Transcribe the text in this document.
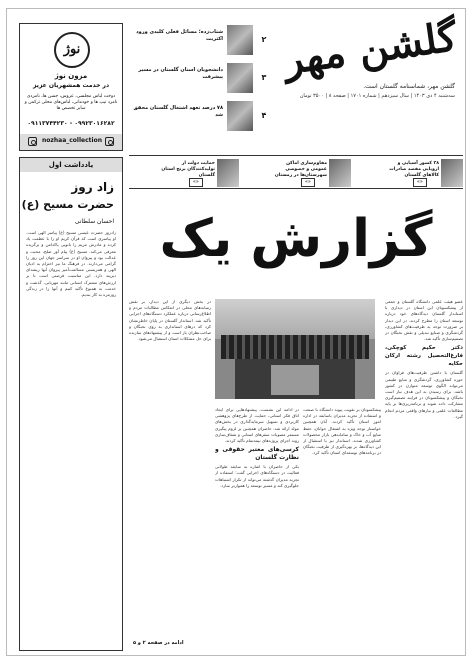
گلشن مهر
گلشن مهر، شماسنامه گلستان است.
سه‌شنبه ۴ دی ۱۴۰۳ | سال سیزدهم | شماره ۱۷۰۱ | صفحه ۸ | ۳۵۰۰ تومان
۲
شتاب‌زده؛ مسائل فعلی کلیدی ورود اکثریت
۳
دانشجویان استان گلستان در مسیر پیشرفت
۴
۷۸ درصد تعهد اشتغال گلستان محقق شد
نوژ
مزون نوژ
در خدمت همشهریان عزیز
دوخت لباس مجلسی، عروس، جشن ها، نامزدی نامزد تیپ ها و خودمانی، لباس‌های محلی ترکمن و سایر تخصص ها
۰۹۱۱۳۷۴۴۲۳۰ - ۰۹۹۲۳۰۱۶۲۸۲
nozhaa_collection
۲۸ کشور آسیایی و اروپایی مقصد صادرات کالاهای گلستان
«»
مقاوم‌سازی اماکن عمومی و خصوصی شهرستان‌ها در زمستان
«»
حمایت دولت از تولیدکنندگان برنج استان گلستان
«»
یادداشت اول
زاد روز
حضرت مسیح (ع)
احسان سلطانی
زادروز حضرت عیسی مسیح (ع) پیامبر الهی است. او پیامبری است که قرآن کریم او را با عظمت یاد کرده و مادرش مریم را بانویی پاکدامن و برگزیده معرفی می‌کند. مسیح (ع) پیام آور صلح، محبت و عدالت بود و پیروان او در سراسر جهان این روز را گرامی می‌دارند. در فرهنگ ما نیز احترام به ادیان الهی و همزیستی مسالمت‌آمیز پیروان آنها ریشه‌ای دیرینه دارد. این مناسبت فرصتی است تا بر ارزش‌های مشترک انسانی مانند مهربانی، گذشت و خدمت به همنوع تأکید کنیم و آنها را در زندگی روزمره به کار بندیم.
گزارش یک
عضو هیئت علمی دانشگاه گلستان و جمعی از پیشکسوتان این استان در دیداری با استاندار گلستان دیدگاه‌های خود درباره توسعه استان را مطرح کردند. در این دیدار بر ضرورت توجه به ظرفیت‌های کشاورزی، گردشگری و صنایع تبدیلی و نقش نخبگان در تصمیم‌سازی تأکید شد.
دکتر حکیم کوچکی، فارغ‌التحصیل رشته ارکان حکایه
گلستان با داشتن ظرفیت‌های فراوان در حوزه کشاورزی، گردشگری و منابع طبیعی می‌تواند الگوی توسعه متوازن در کشور باشد. برای رسیدن به این هدف نیاز است نخبگان و پیشکسوتان در فرایند تصمیم‌گیری مشارکت داده شوند و برنامه‌ریزی‌ها بر پایه مطالعات علمی و نیازهای واقعی مردم انجام گیرد.
پیشکسوتان بر تقویت پیوند دانشگاه با صنعت و استفاده از تجربه مدیران باسابقه در اداره امور استان تأکید کردند. آنان همچنین خواستار توجه ویژه به اشتغال جوانان، حفظ منابع آب و خاک و ساماندهی بازار محصولات کشاورزی شدند. استاندار نیز با استقبال از این دیدگاه‌ها، بر بهره‌گیری از ظرفیت نخبگان در برنامه‌های توسعه‌ای استان تأکید کرد.
در ادامه این نشست، پیشنهادهایی برای ایجاد اتاق فکر استانی، حمایت از طرح‌های پژوهشی کاربردی و تسهیل سرمایه‌گذاری در بخش‌های مولد ارائه شد. حاضران همچنین بر لزوم پیگیری مستمر مصوبات سفرهای استانی و شفاف‌سازی روند اجرای پروژه‌های نیمه‌تمام تأکید کردند.
کرسی‌های معتبر حقوقی و نظارت گلستان
یکی از حاضران با اشاره به سابقه طولانی فعالیت در دستگاه‌های اجرایی گفت: استفاده از تجربه مدیران گذشته می‌تواند از تکرار اشتباهات جلوگیری کند و مسیر توسعه را هموارتر سازد.
در بخش دیگری از این دیدار، بر نقش رسانه‌های محلی در انعکاس مطالبات مردم و اطلاع‌رسانی درباره عملکرد دستگاه‌های اجرایی تأکید شد. استاندار گلستان در پایان خاطرنشان کرد که درهای استانداری به روی نخبگان و صاحب‌نظران باز است و از پیشنهادهای سازنده برای حل مشکلات استان استقبال می‌شود.
ادامه در صفحه ۲ و ۵
